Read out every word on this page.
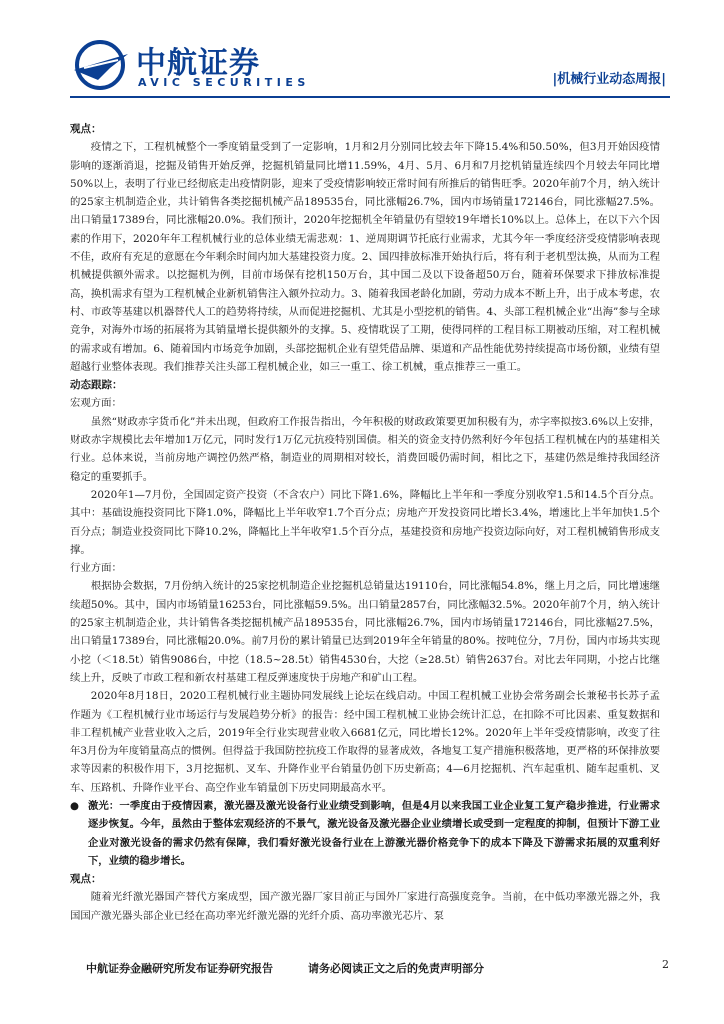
中航证券
AVIC SECURITIES	|机械行业动态周报|

观点：

疫情之下，工程机械整个一季度销量受到了一定影响，1月和2月分别同比较去年下降15.4%和50.50%，但3月开始因疫情影响的逐渐消退，挖掘及销售开始反弹，挖掘机销量同比增11.59%，4月、5月、6月和7月挖机销量连续四个月较去年同比增50%以上，表明了行业已经彻底走出疫情阴影，迎来了受疫情影响较正常时间有所推后的销售旺季。2020年前7个月，纳入统计的25家主机制造企业，共计销售各类挖掘机械产品189535台，同比涨幅26.7%，国内市场销量172146台，同比涨幅27.5%。出口销量17389台，同比涨幅20.0%。我们预计，2020年挖掘机全年销量仍有望较19年增长10%以上。总体上，在以下六个因素的作用下，2020年年工程机械行业的总体业绩无需悲观：1、逆周期调节托底行业需求，尤其今年一季度经济受疫情影响表现不佳，政府有充足的意愿在今年剩余时间内加大基建投资力度。2、国四排放标准开始执行后，将有利于老机型汰换，从而为工程机械提供额外需求。以挖掘机为例，目前市场保有挖机150万台，其中国二及以下设备超50万台，随着环保要求下排放标准提高，换机需求有望为工程机械企业新机销售注入额外拉动力。3、随着我国老龄化加剧，劳动力成本不断上升，出于成本考虑，农村、市政等基建以机器替代人工的趋势将持续，从而促进挖掘机、尤其是小型挖机的销售。4、头部工程机械企业“出海”参与全球竞争，对海外市场的拓展将为其销量增长提供额外的支撑。5、疫情耽误了工期，使得同样的工程目标工期被动压缩，对工程机械的需求或有增加。6、随着国内市场竞争加剧，头部挖掘机企业有望凭借品牌、渠道和产品性能优势持续提高市场份额，业绩有望超越行业整体表现。我们推荐关注头部工程机械企业，如三一重工、徐工机械，重点推荐三一重工。

动态跟踪：

宏观方面：

虽然“财政赤字货币化”并未出现，但政府工作报告指出，今年积极的财政政策要更加积极有为，赤字率拟按3.6%以上安排，财政赤字规模比去年增加1万亿元，同时发行1万亿元抗疫特别国债。相关的资金支持仍然利好今年包括工程机械在内的基建相关行业。总体来说，当前房地产调控仍然严格，制造业的周期相对较长，消费回暖仍需时间，相比之下，基建仍然是维持我国经济稳定的重要抓手。

2020年1—7月份，全国固定资产投资（不含农户）同比下降1.6%，降幅比上半年和一季度分别收窄1.5和14.5个百分点。其中：基础设施投资同比下降1.0%，降幅比上半年收窄1.7个百分点；房地产开发投资同比增长3.4%，增速比上半年加快1.5个百分点；制造业投资同比下降10.2%，降幅比上半年收窄1.5个百分点，基建投资和房地产投资边际向好，对工程机械销售形成支撑。

行业方面：

根据协会数据，7月份纳入统计的25家挖机制造企业挖掘机总销量达19110台，同比涨幅54.8%，继上月之后，同比增速继续超50%。其中，国内市场销量16253台，同比涨幅59.5%。出口销量2857台，同比涨幅32.5%。2020年前7个月，纳入统计的25家主机制造企业，共计销售各类挖掘机械产品189535台，同比涨幅26.7%，国内市场销量172146台，同比涨幅27.5%，出口销量17389台，同比涨幅20.0%。前7月份的累计销量已达到2019年全年销量的80%。按吨位分，7月份，国内市场共实现小挖（＜18.5t）销售9086台，中挖（18.5~28.5t）销售4530台，大挖（≥28.5t）销售2637台。对比去年同期，小挖占比继续上升，反映了市政工程和新农村基建工程反弹速度快于房地产和矿山工程。

2020年8月18日，2020工程机械行业主题协同发展线上论坛在线启动。中国工程机械工业协会常务副会长兼秘书长苏子孟作题为《工程机械行业市场运行与发展趋势分析》的报告：经中国工程机械工业协会统计汇总，在扣除不可比因素、重复数据和非工程机械产业营业收入之后，2019年全行业实现营业收入6681亿元，同比增长12%。2020年上半年受疫情影响，改变了往年3月份为年度销量高点的惯例。但得益于我国防控抗疫工作取得的显著成效，各地复工复产措施积极落地，更严格的环保排放要求等因素的积极作用下，3月挖掘机、叉车、升降作业平台销量仍创下历史新高；4—6月挖掘机、汽车起重机、随车起重机、叉车、压路机、升降作业平台、高空作业车销量创下历史同期最高水平。

● 激光：一季度由于疫情因素，激光器及激光设备行业业绩受到影响，但是4月以来我国工业企业复工复产稳步推进，行业需求逐步恢复。今年，虽然由于整体宏观经济的不景气，激光设备及激光器企业业绩增长或受到一定程度的抑制，但预计下游工业企业对激光设备的需求仍然有保障，我们看好激光设备行业在上游激光器价格竞争下的成本下降及下游需求拓展的双重利好下，业绩的稳步增长。

观点：

随着光纤激光器国产替代方案成型，国产激光器厂家目前正与国外厂家进行高强度竞争。当前，在中低功率激光器之外，我国国产激光器头部企业已经在高功率光纤激光器的光纤介质、高功率激光芯片、泵

中航证券金融研究所发布证券研究报告	请务必阅读正文之后的免责声明部分	2
